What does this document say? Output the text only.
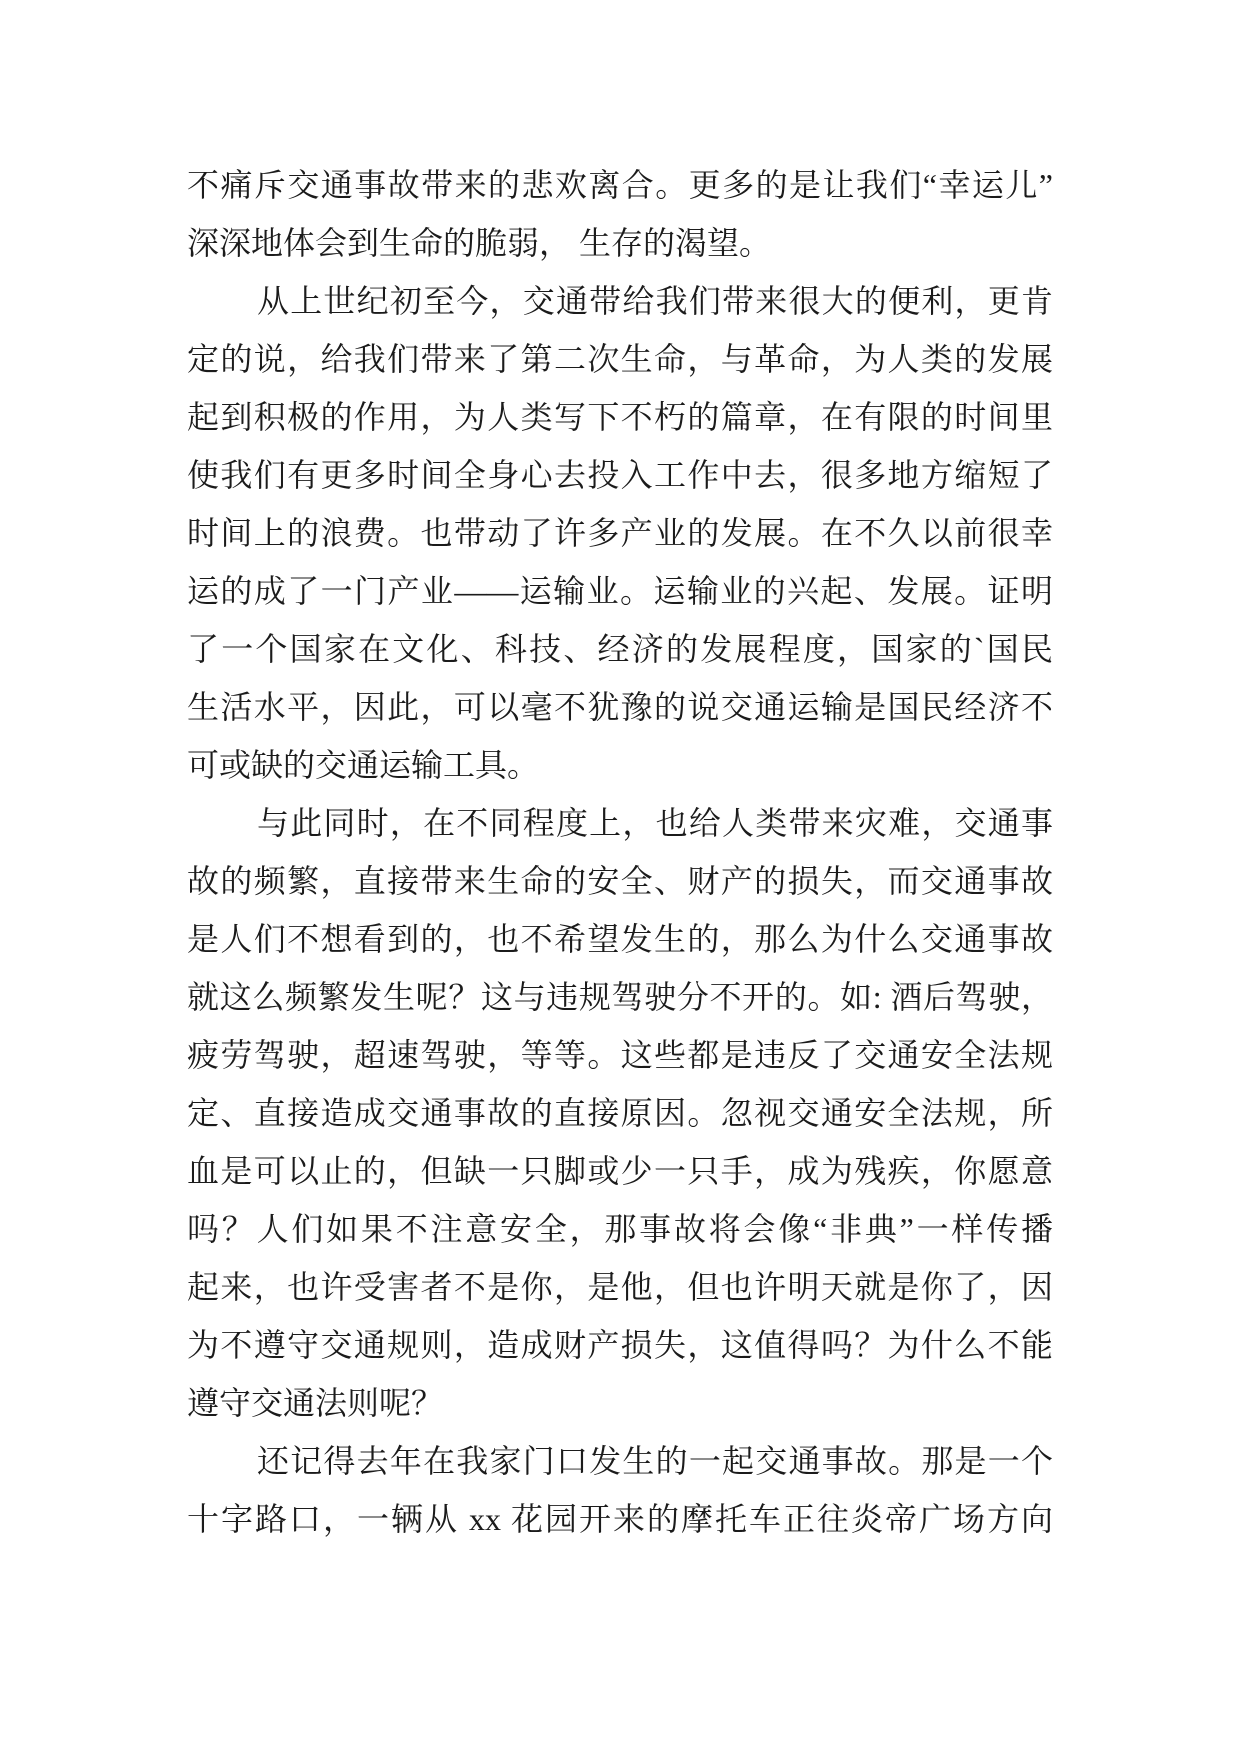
不痛斥交通事故带来的悲欢离合。更多的是让我们“幸运儿”
深深地体会到生命的脆弱， 生存的渴望。
从上世纪初至今，交通带给我们带来很大的便利，更肯
定的说，给我们带来了第二次生命，与革命，为人类的发展
起到积极的作用，为人类写下不朽的篇章，在有限的时间里
使我们有更多时间全身心去投入工作中去，很多地方缩短了
时间上的浪费。也带动了许多产业的发展。在不久以前很幸
运的成了一门产业——运输业。运输业的兴起、发展。证明
了一个国家在文化、科技、经济的发展程度，国家的`国民
生活水平，因此，可以毫不犹豫的说交通运输是国民经济不
可或缺的交通运输工具。
与此同时，在不同程度上，也给人类带来灾难，交通事
故的频繁，直接带来生命的安全、财产的损失，而交通事故
是人们不想看到的，也不希望发生的，那么为什么交通事故
就这么频繁发生呢？这与违规驾驶分不开的。如: 酒后驾驶，
疲劳驾驶，超速驾驶，等等。这些都是违反了交通安全法规
定、直接造成交通事故的直接原因。忽视交通安全法规，所
血是可以止的，但缺一只脚或少一只手，成为残疾，你愿意
吗？人们如果不注意安全，那事故将会像“非典”一样传播
起来，也许受害者不是你，是他，但也许明天就是你了，因
为不遵守交通规则，造成财产损失，这值得吗？为什么不能
遵守交通法则呢？
还记得去年在我家门口发生的一起交通事故。那是一个
十字路口，一辆从 xx 花园开来的摩托车正往炎帝广场方向
